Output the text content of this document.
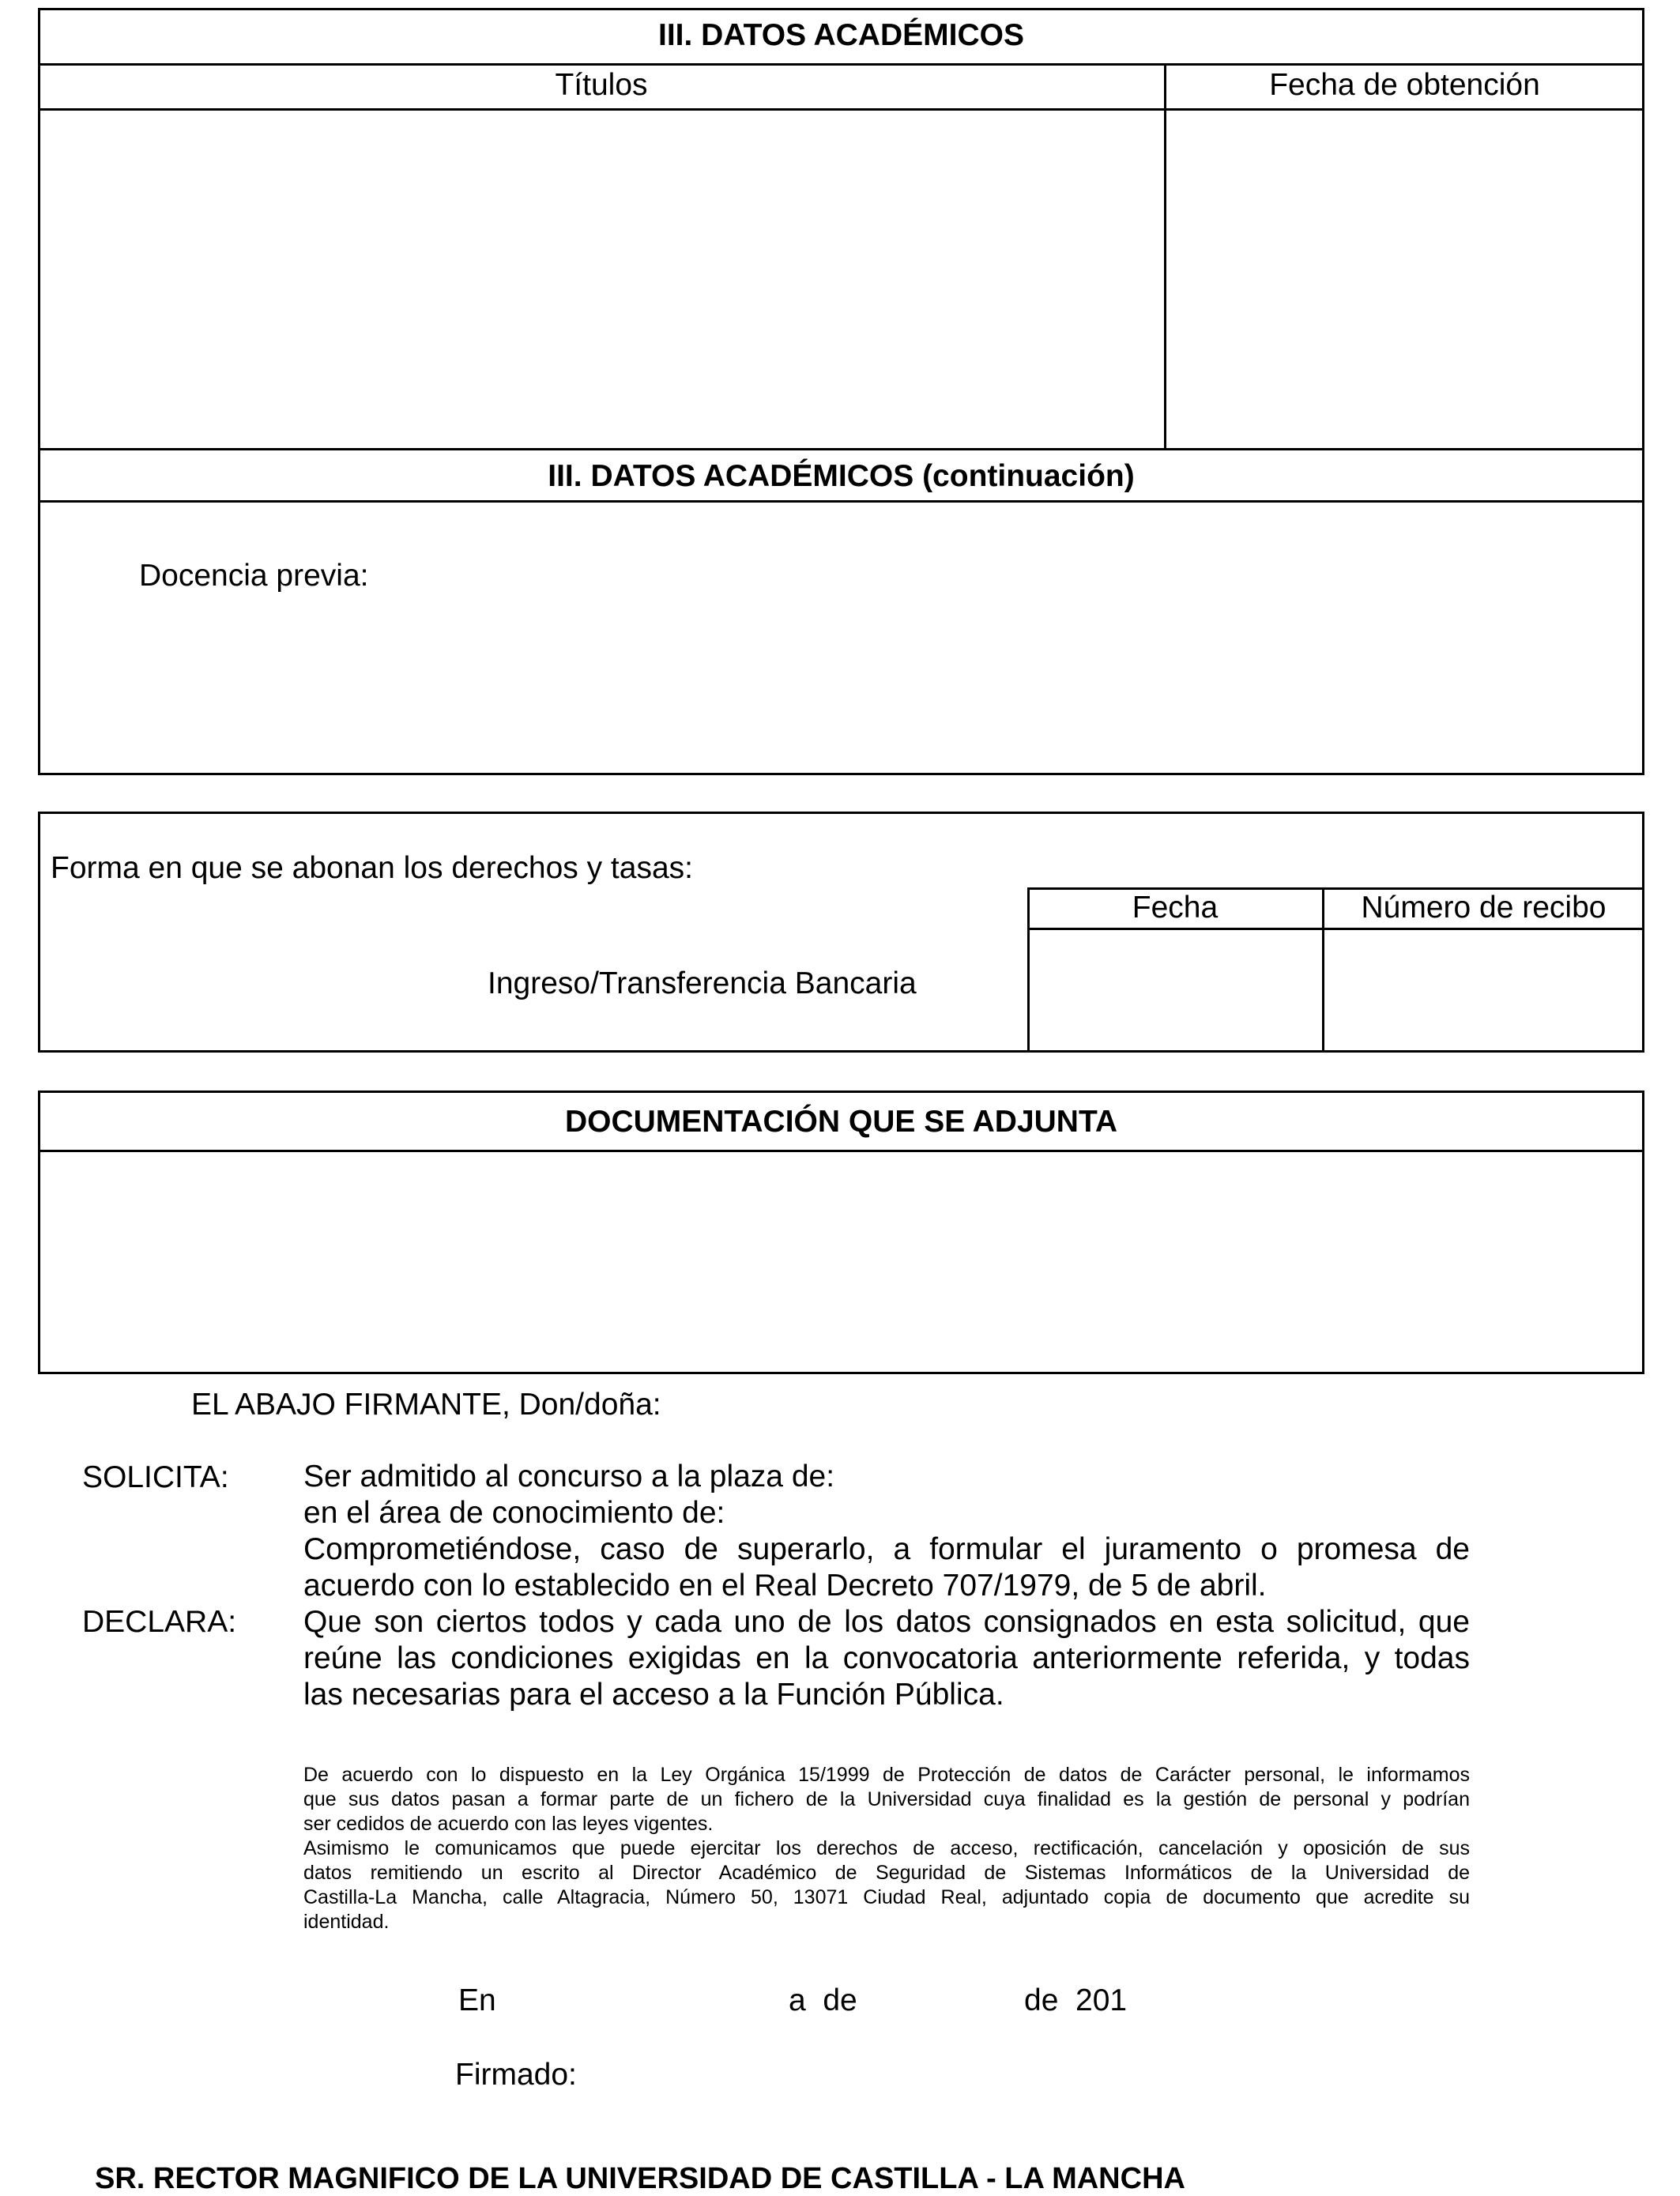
III. DATOS ACADÉMICOS
Títulos	Fecha de obtención
III. DATOS ACADÉMICOS (continuación)
Docencia previa:
Forma en que se abonan los derechos y tasas:
Ingreso/Transferencia Bancaria
Fecha	Número de recibo
DOCUMENTACIÓN QUE SE ADJUNTA
EL ABAJO FIRMANTE, Don/doña:
SOLICITA: Ser admitido al concurso a la plaza de:
en el área de conocimiento de:
Comprometiéndose, caso de superarlo, a formular el juramento o promesa de
acuerdo con lo establecido en el Real Decreto 707/1979, de 5 de abril.
DECLARA: Que son ciertos todos y cada uno de los datos consignados en esta solicitud, que
reúne las condiciones exigidas en la convocatoria anteriormente referida, y todas
las necesarias para el acceso a la Función Pública.
De acuerdo con lo dispuesto en la Ley Orgánica 15/1999 de Protección de datos de Carácter personal, le informamos
que sus datos pasan a formar parte de un fichero de la Universidad cuya finalidad es la gestión de personal y podrían
ser cedidos de acuerdo con las leyes vigentes.
Asimismo le comunicamos que puede ejercitar los derechos de acceso, rectificación, cancelación y oposición de sus
datos remitiendo un escrito al Director Académico de Seguridad de Sistemas Informáticos de la Universidad de
Castilla-La Mancha, calle Altagracia, Número 50, 13071 Ciudad Real, adjuntado copia de documento que acredite su
identidad.
En	a  de	de  201
Firmado:
SR. RECTOR MAGNIFICO DE LA UNIVERSIDAD DE CASTILLA - LA MANCHA
